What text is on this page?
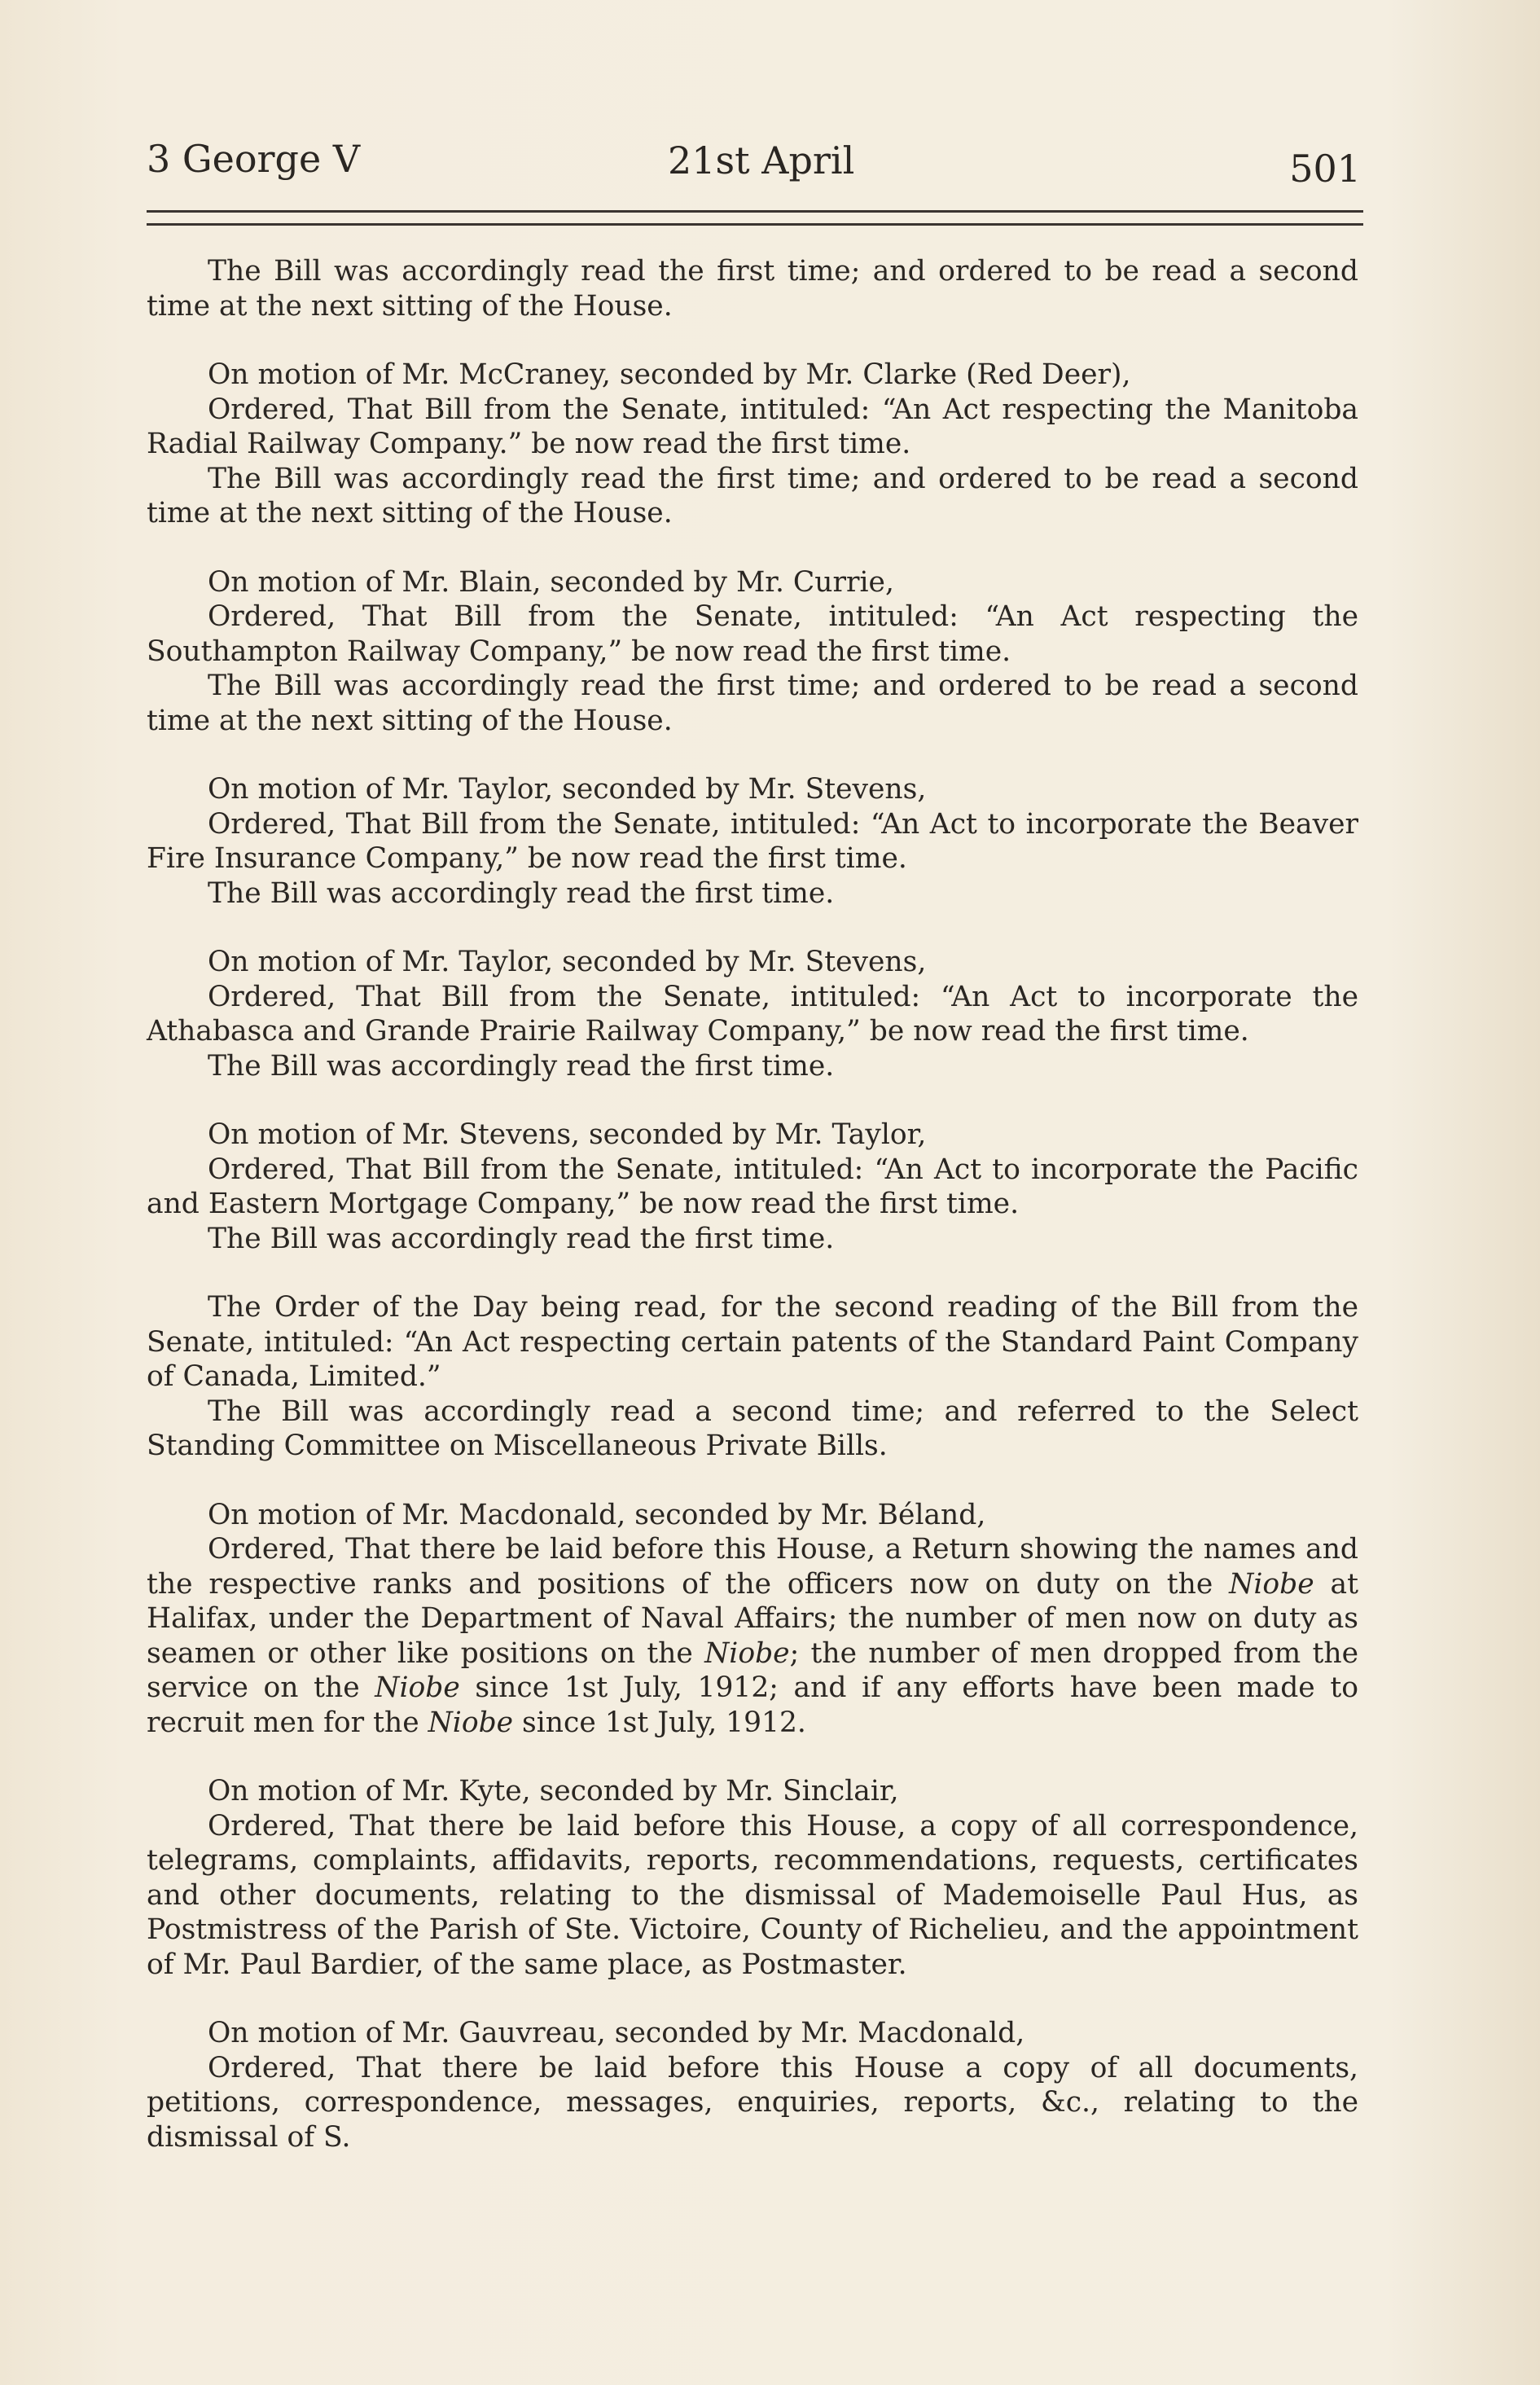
3 George V	21st April	501

The Bill was accordingly read the first time; and ordered to be read a second time at the next sitting of the House.

On motion of Mr. McCraney, seconded by Mr. Clarke (Red Deer),

Ordered, That Bill from the Senate, intituled: “An Act respecting the Manitoba Radial Railway Company.” be now read the first time.

The Bill was accordingly read the first time; and ordered to be read a second time at the next sitting of the House.

On motion of Mr. Blain, seconded by Mr. Currie,

Ordered, That Bill from the Senate, intituled: “An Act respecting the Southampton Railway Company,” be now read the first time.

The Bill was accordingly read the first time; and ordered to be read a second time at the next sitting of the House.

On motion of Mr. Taylor, seconded by Mr. Stevens,

Ordered, That Bill from the Senate, intituled: “An Act to incorporate the Beaver Fire Insurance Company,” be now read the first time.

The Bill was accordingly read the first time.

On motion of Mr. Taylor, seconded by Mr. Stevens,

Ordered, That Bill from the Senate, intituled: “An Act to incorporate the Athabasca and Grande Prairie Railway Company,” be now read the first time.

The Bill was accordingly read the first time.

On motion of Mr. Stevens, seconded by Mr. Taylor,

Ordered, That Bill from the Senate, intituled: “An Act to incorporate the Pacific and Eastern Mortgage Company,” be now read the first time.

The Bill was accordingly read the first time.

The Order of the Day being read, for the second reading of the Bill from the Senate, intituled: “An Act respecting certain patents of the Standard Paint Company of Canada, Limited.”

The Bill was accordingly read a second time; and referred to the Select Standing Committee on Miscellaneous Private Bills.

On motion of Mr. Macdonald, seconded by Mr. Béland,

Ordered, That there be laid before this House, a Return showing the names and the respective ranks and positions of the officers now on duty on the Niobe at Halifax, under the Department of Naval Affairs; the number of men now on duty as seamen or other like positions on the Niobe; the number of men dropped from the service on the Niobe since 1st July, 1912; and if any efforts have been made to recruit men for the Niobe since 1st July, 1912.

On motion of Mr. Kyte, seconded by Mr. Sinclair,

Ordered, That there be laid before this House, a copy of all correspondence, telegrams, complaints, affidavits, reports, recommendations, requests, certificates and other documents, relating to the dismissal of Mademoiselle Paul Hus, as Postmistress of the Parish of Ste. Victoire, County of Richelieu, and the appointment of Mr. Paul Bardier, of the same place, as Postmaster.

On motion of Mr. Gauvreau, seconded by Mr. Macdonald,

Ordered, That there be laid before this House a copy of all documents, petitions, correspondence, messages, enquiries, reports, &c., relating to the dismissal of S.
